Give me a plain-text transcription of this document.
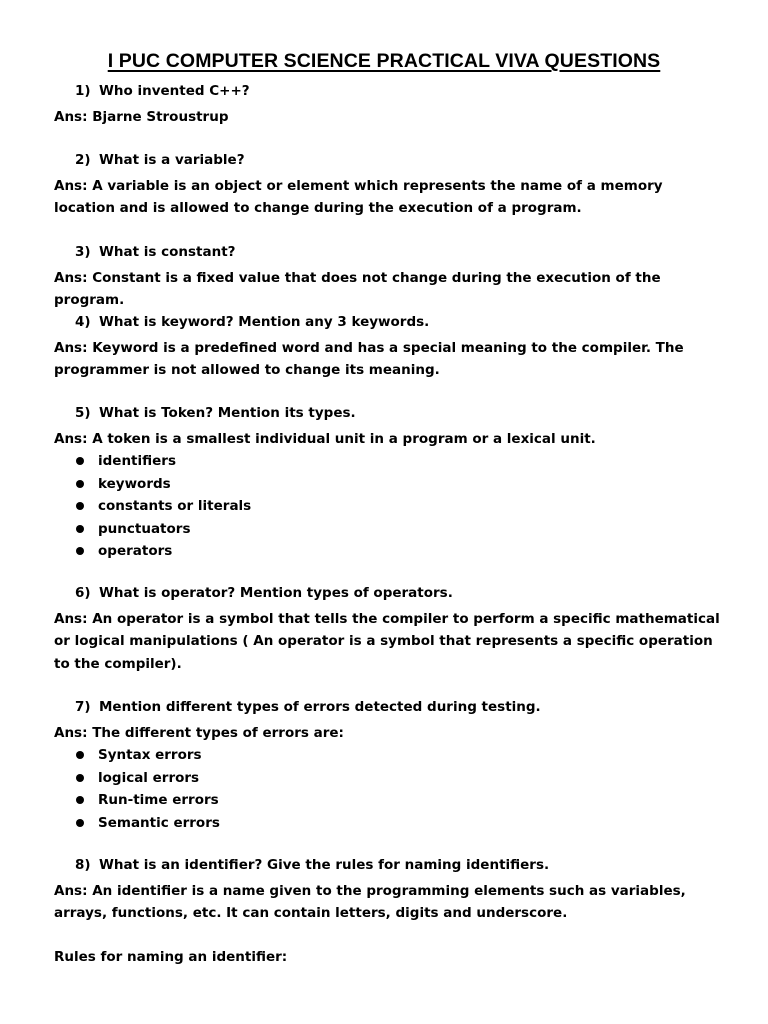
I PUC COMPUTER SCIENCE PRACTICAL VIVA QUESTIONS
1) Who invented C++?

Ans: Bjarne Stroustrup

2) What is a variable?

Ans: A variable is an object or element which represents the name of a memory location and is allowed to change during the execution of a program.

3) What is constant?

Ans: Constant is a fixed value that does not change during the execution of the program.

4) What is keyword? Mention any 3 keywords.

Ans: Keyword is a predefined word and has a special meaning to the compiler. The programmer is not allowed to change its meaning.

5) What is Token? Mention its types.

Ans: A token is a smallest individual unit in a program or a lexical unit.

identifiers
keywords
constants or literals
punctuators
operators
6) What is operator? Mention types of operators.

Ans: An operator is a symbol that tells the compiler to perform a specific mathematical or logical manipulations ( An operator is a symbol that represents a specific operation to the compiler).

7) Mention different types of errors detected during testing.

Ans: The different types of errors are:

Syntax errors
logical errors
Run-time errors
Semantic errors
8) What is an identifier? Give the rules for naming identifiers.

Ans: An identifier is a name given to the programming elements such as variables, arrays, functions, etc. It can contain letters, digits and underscore.

Rules for naming an identifier:
